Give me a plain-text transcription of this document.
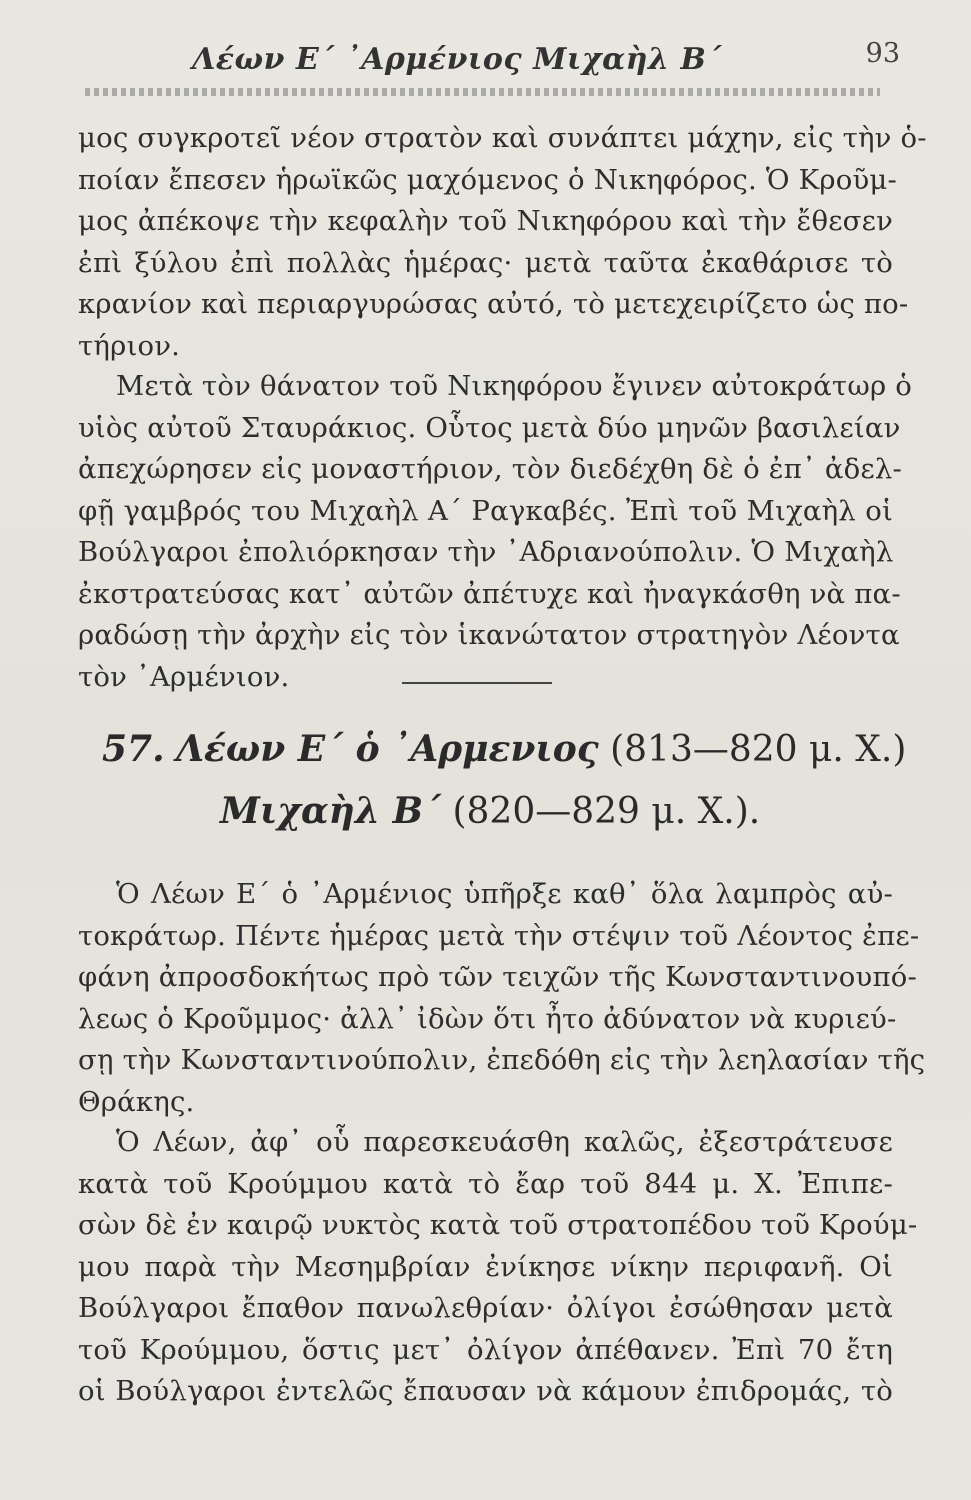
Λέων Ε΄ ᾿Αρμένιος Μιχαὴλ Β΄	93
μος συγκροτεῖ νέον στρατὸν καὶ συνάπτει μάχην, εἰς τὴν ὁ-
ποίαν ἔπεσεν ἡρωϊκῶς μαχόμενος ὁ Νικηφόρος. Ὁ Κροῦμ-
μος ἀπέκοψε τὴν κεφαλὴν τοῦ Νικηφόρου καὶ τὴν ἔθεσεν
ἐπὶ ξύλου ἐπὶ πολλὰς ἡμέρας· μετὰ ταῦτα ἐκαθάρισε τὸ
κρανίον καὶ περιαργυρώσας αὐτό, τὸ μετεχειρίζετο ὡς πο-
τήριον.
Μετὰ τὸν θάνατον τοῦ Νικηφόρου ἔγινεν αὐτοκράτωρ ὁ
υἱὸς αὐτοῦ Σταυράκιος. Οὗτος μετὰ δύο μηνῶν βασιλείαν
ἀπεχώρησεν εἰς μοναστήριον, τὸν διεδέχθη δὲ ὁ ἐπ᾿ ἀδελ-
φῇ γαμβρός του Μιχαὴλ Α΄ Ραγκαβές. Ἐπὶ τοῦ Μιχαὴλ οἱ
Βούλγαροι ἐπολιόρκησαν τὴν ᾿Αδριανούπολιν. Ὁ Μιχαὴλ
ἐκστρατεύσας κατ᾿ αὐτῶν ἀπέτυχε καὶ ἠναγκάσθη νὰ πα-
ραδώσῃ τὴν ἀρχὴν εἰς τὸν ἱκανώτατον στρατηγὸν Λέοντα
τὸν ᾿Αρμένιον.
57. Λέων Ε΄ ὁ ᾿Αρμενιος (813—820 μ. Χ.)
Μιχαὴλ Β΄ (820—829 μ. Χ.).
Ὁ Λέων Ε΄ ὁ ᾿Αρμένιος ὑπῆρξε καθ᾿ ὅλα λαμπρὸς αὐ-
τοκράτωρ. Πέντε ἡμέρας μετὰ τὴν στέψιν τοῦ Λέοντος ἐπε-
φάνη ἀπροσδοκήτως πρὸ τῶν τειχῶν τῆς Κωνσταντινουπό-
λεως ὁ Κροῦμμος· ἀλλ᾿ ἰδὼν ὅτι ἦτο ἀδύνατον νὰ κυριεύ-
σῃ τὴν Κωνσταντινούπολιν, ἐπεδόθη εἰς τὴν λεηλασίαν τῆς
Θράκης.
Ὁ Λέων, ἀφ᾿ οὗ παρεσκευάσθη καλῶς, ἐξεστράτευσε
κατὰ τοῦ Κρούμμου κατὰ τὸ ἔαρ τοῦ 844 μ. Χ. Ἐπιπε-
σὼν δὲ ἐν καιρῷ νυκτὸς κατὰ τοῦ στρατοπέδου τοῦ Κρούμ-
μου παρὰ τὴν Μεσημβρίαν ἐνίκησε νίκην περιφανῆ. Οἱ
Βούλγαροι ἔπαθον πανωλεθρίαν· ὀλίγοι ἐσώθησαν μετὰ
τοῦ Κρούμμου, ὅστις μετ᾿ ὀλίγον ἀπέθανεν. Ἐπὶ 70 ἔτη
οἱ Βούλγαροι ἐντελῶς ἔπαυσαν νὰ κάμουν ἐπιδρομάς, τὸ
